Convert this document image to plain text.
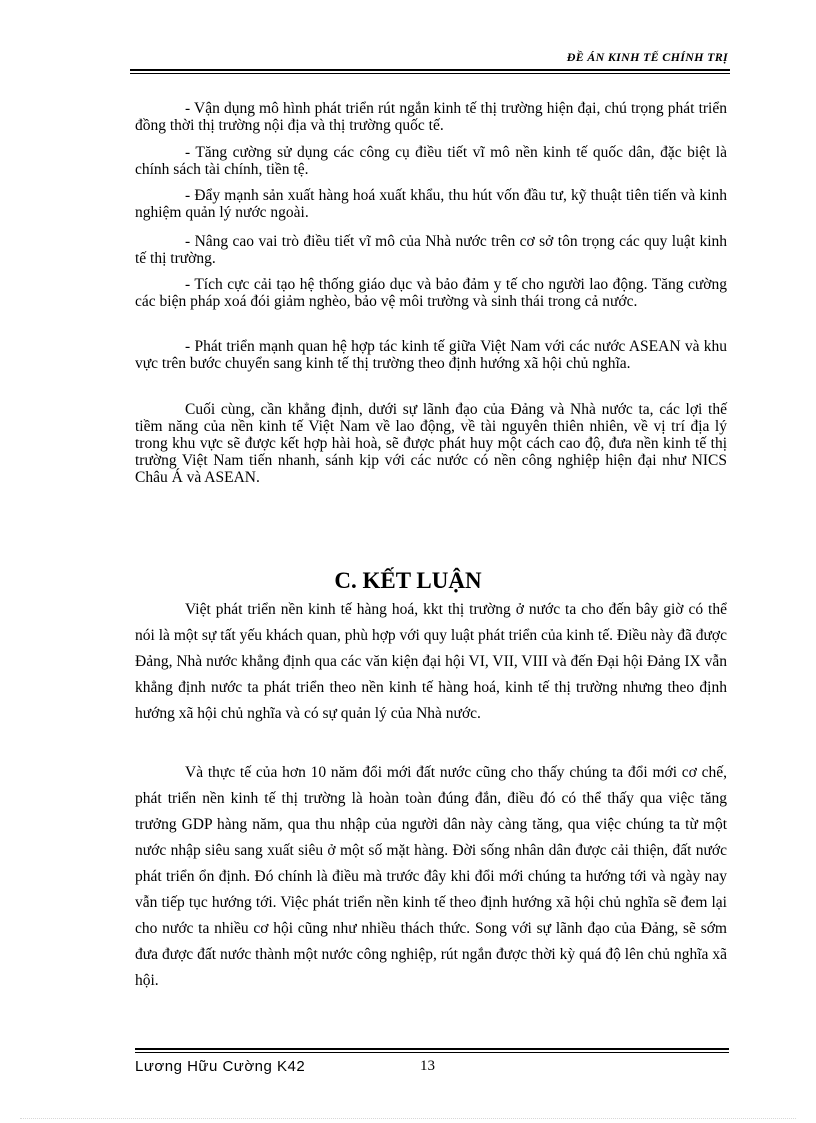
ĐỀ ÁN KINH TẾ CHÍNH TRỊ

- Vận dụng mô hình phát triển rút ngắn kinh tế thị trường hiện đại, chú trọng phát triển đồng thời thị trường nội địa và thị trường quốc tế.

- Tăng cường sử dụng các công cụ điều tiết vĩ mô nền kinh tế quốc dân, đặc biệt là chính sách tài chính, tiền tệ.

- Đẩy mạnh sản xuất hàng hoá xuất khẩu, thu hút vốn đầu tư, kỹ thuật tiên tiến và kinh nghiệm quản lý nước ngoài.

- Nâng cao vai trò điều tiết vĩ mô của Nhà nước trên cơ sở tôn trọng các quy luật kinh tế thị trường.

- Tích cực cải tạo hệ thống giáo dục và bảo đảm y tế cho người lao động. Tăng cường các biện pháp xoá đói giảm nghèo, bảo vệ môi trường và sinh thái trong cả nước.

- Phát triển mạnh quan hệ hợp tác kinh tế giữa Việt Nam với các nước ASEAN và khu vực trên bước chuyển sang kinh tế thị trường theo định hướng xã hội chủ nghĩa.

Cuối cùng, cần khẳng định, dưới sự lãnh đạo của Đảng và Nhà nước ta, các lợi thế tiềm năng của nền kinh tế Việt Nam về lao động, về tài nguyên thiên nhiên, về vị trí địa lý trong khu vực sẽ được kết hợp hài hoà, sẽ được phát huy một cách cao độ, đưa nền kinh tế thị trường Việt Nam tiến nhanh, sánh kịp với các nước có nền công nghiệp hiện đại như NICS Châu Á và ASEAN.

C. KẾT LUẬN

Việt phát triển nền kinh tế hàng hoá, kkt thị trường ở nước ta cho đến bây giờ có thể nói là một sự tất yếu khách quan, phù hợp với quy luật phát triển của kinh tế. Điều này đã được Đảng, Nhà nước khẳng định qua các văn kiện đại hội VI, VII, VIII và đến Đại hội Đảng IX vẫn khẳng định nước ta phát triển theo nền kinh tế hàng hoá, kinh tế thị trường nhưng theo định hướng xã hội chủ nghĩa và có sự quản lý của Nhà nước.

Và thực tế của hơn 10 năm đổi mới đất nước cũng cho thấy chúng ta đổi mới cơ chế, phát triển nền kinh tế thị trường là hoàn toàn đúng đắn, điều đó có thể thấy qua việc tăng trưởng GDP hàng năm, qua thu nhập của người dân này càng tăng, qua việc chúng ta từ một nước nhập siêu sang xuất siêu ở một số mặt hàng. Đời sống nhân dân được cải thiện, đất nước phát triển ổn định. Đó chính là điều mà trước đây khi đổi mới chúng ta hướng tới và ngày nay vẫn tiếp tục hướng tới. Việc phát triển nền kinh tế theo định hướng xã hội chủ nghĩa sẽ đem lại cho nước ta nhiều cơ hội cũng như nhiều thách thức. Song với sự lãnh đạo của Đảng, sẽ sớm đưa được đất nước thành một nước công nghiệp, rút ngắn được thời kỳ quá độ lên chủ nghĩa xã hội.

Lương Hữu Cường K42	13
